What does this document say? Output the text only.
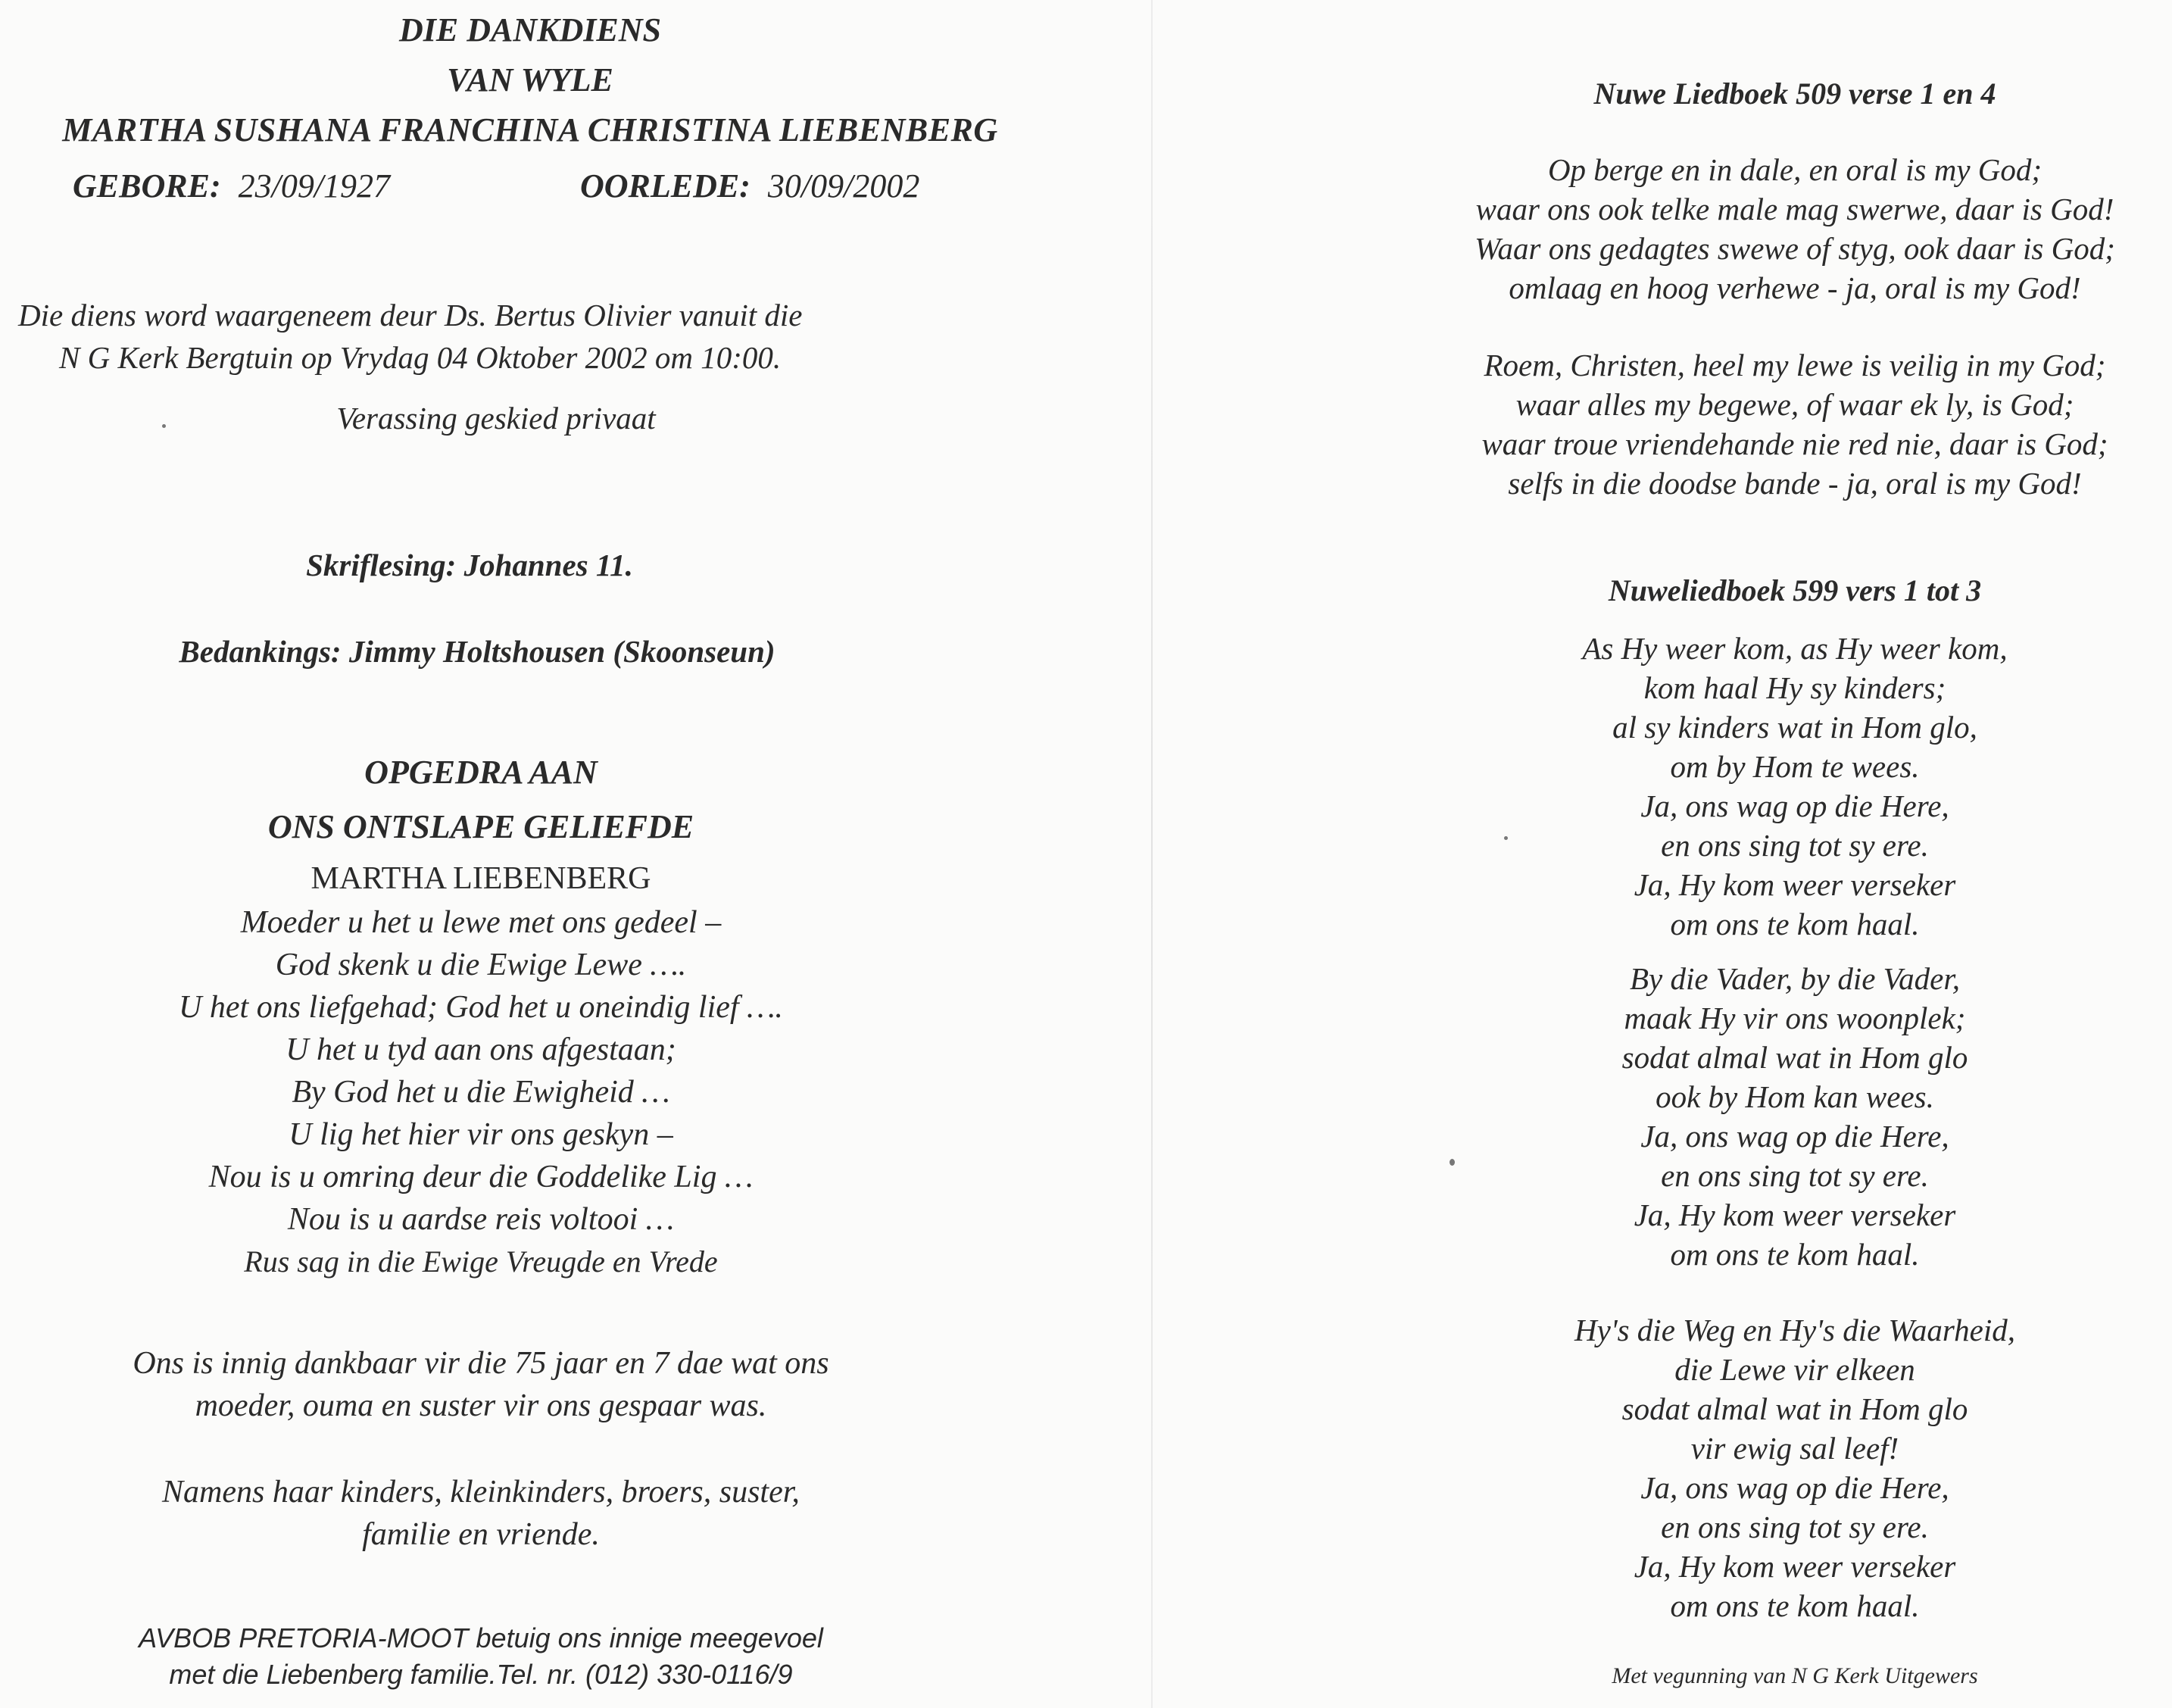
DIE DANKDIENS
VAN WYLE
MARTHA SUSHANA FRANCHINA CHRISTINA LIEBENBERG
GEBORE: 23/09/1927	OORLEDE: 30/09/2002
Die diens word waargeneem deur Ds. Bertus Olivier vanuit die
N G Kerk Bergtuin op Vrydag 04 Oktober 2002 om 10:00.
Verassing geskied privaat
Skriflesing: Johannes 11.
Bedankings: Jimmy Holtshousen (Skoonseun)
OPGEDRA AAN
ONS ONTSLAPE GELIEFDE
MARTHA LIEBENBERG
Moeder u het u lewe met ons gedeel –
God skenk u die Ewige Lewe ….
U het ons liefgehad; God het u oneindig lief ….
U het u tyd aan ons afgestaan;
By God het u die Ewigheid …
U lig het hier vir ons geskyn –
Nou is u omring deur die Goddelike Lig …
Nou is u aardse reis voltooi …
Rus sag in die Ewige Vreugde en Vrede
Ons is innig dankbaar vir die 75 jaar en 7 dae wat ons
moeder, ouma en suster vir ons gespaar was.
Namens haar kinders, kleinkinders, broers, suster,
familie en vriende.
AVBOB PRETORIA-MOOT betuig ons innige meegevoel
met die Liebenberg familie.Tel. nr. (012) 330-0116/9
Nuwe Liedboek 509 verse 1 en 4
Op berge en in dale, en oral is my God;
waar ons ook telke male mag swerwe, daar is God!
Waar ons gedagtes swewe of styg, ook daar is God;
omlaag en hoog verhewe - ja, oral is my God!
Roem, Christen, heel my lewe is veilig in my God;
waar alles my begewe, of waar ek ly, is God;
waar troue vriendehande nie red nie, daar is God;
selfs in die doodse bande - ja, oral is my God!
Nuweliedboek 599 vers 1 tot 3
As Hy weer kom, as Hy weer kom,
kom haal Hy sy kinders;
al sy kinders wat in Hom glo,
om by Hom te wees.
Ja, ons wag op die Here,
en ons sing tot sy ere.
Ja, Hy kom weer verseker
om ons te kom haal.
By die Vader, by die Vader,
maak Hy vir ons woonplek;
sodat almal wat in Hom glo
ook by Hom kan wees.
Ja, ons wag op die Here,
en ons sing tot sy ere.
Ja, Hy kom weer verseker
om ons te kom haal.
Hy's die Weg en Hy's die Waarheid,
die Lewe vir elkeen
sodat almal wat in Hom glo
vir ewig sal leef!
Ja, ons wag op die Here,
en ons sing tot sy ere.
Ja, Hy kom weer verseker
om ons te kom haal.
Met vegunning van N G Kerk Uitgewers
